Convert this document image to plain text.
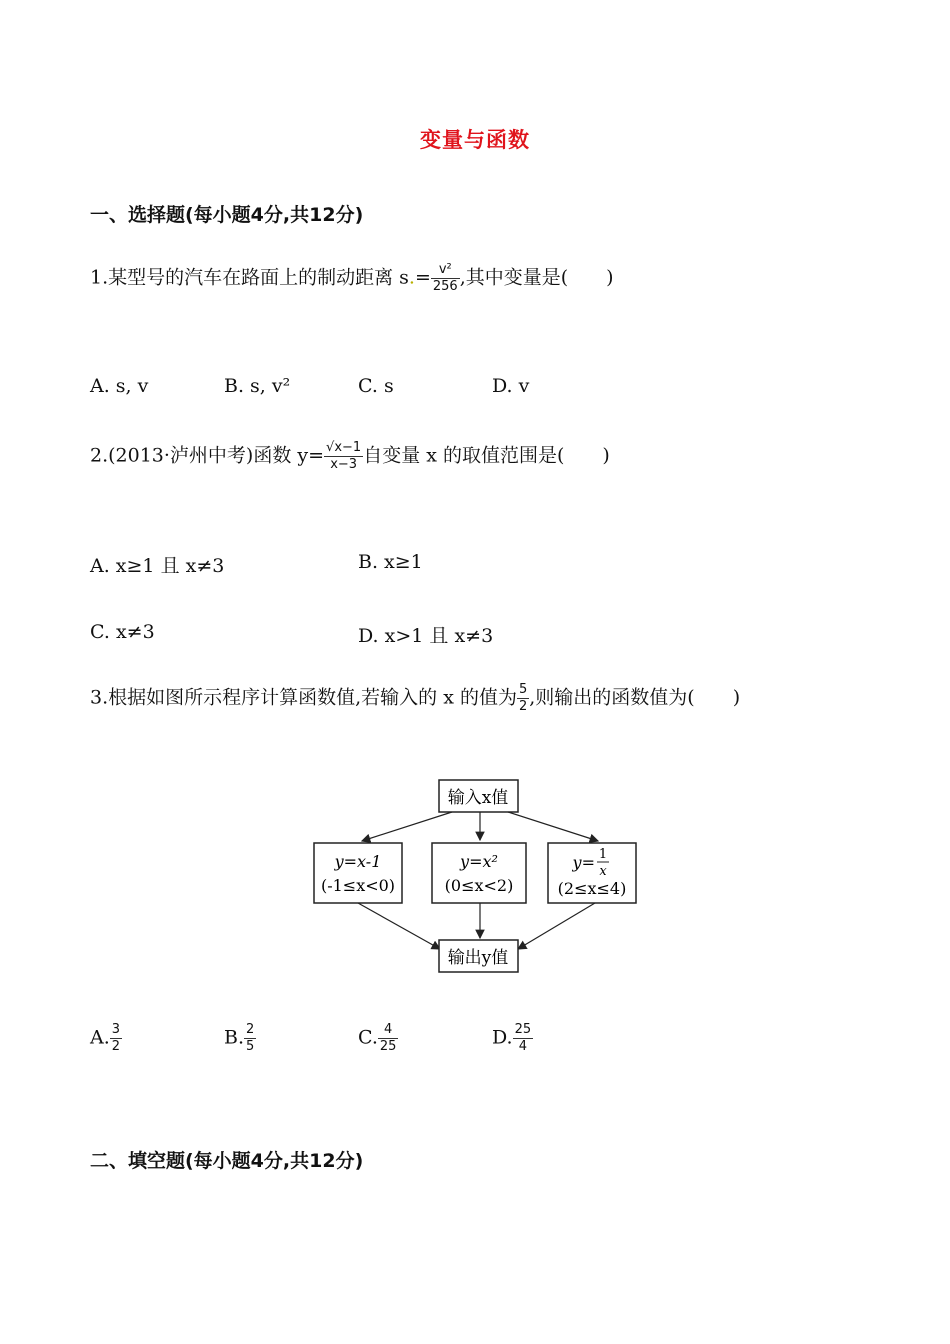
变量与函数
一、选择题(每小题4分,共12分)
1.某型号的汽车在路面上的制动距离 $s.= \frac{\text{v²}}{256}$ ,其中变量是(　　)
A. s, v	B. s, v²	C. s	D. v
2.(2013·泸州中考)函数 $y= \frac{√x-1}{x-3}$ 自变量 x 的取值范围是(　　)
A. x≥1 且 x≠3	B. x≥1
C. x≠3	D. x>1 且 x≠3
3.根据如图所示程序计算函数值,若输入的 x 的值为 $\frac{5}{2}$ ,则输出的函数值为(　　)
输入x值
y=x-1
(-1≤x<0)
y=x²
(0≤x<2)
y= 1
x
(2≤x≤4)
输出y值
A. $\frac{3}{2}$	B. $\frac{2}{5}$	C. $\frac{4}{25}$	D. $\frac{25}{4}$
二、填空题(每小题4分,共12分)
